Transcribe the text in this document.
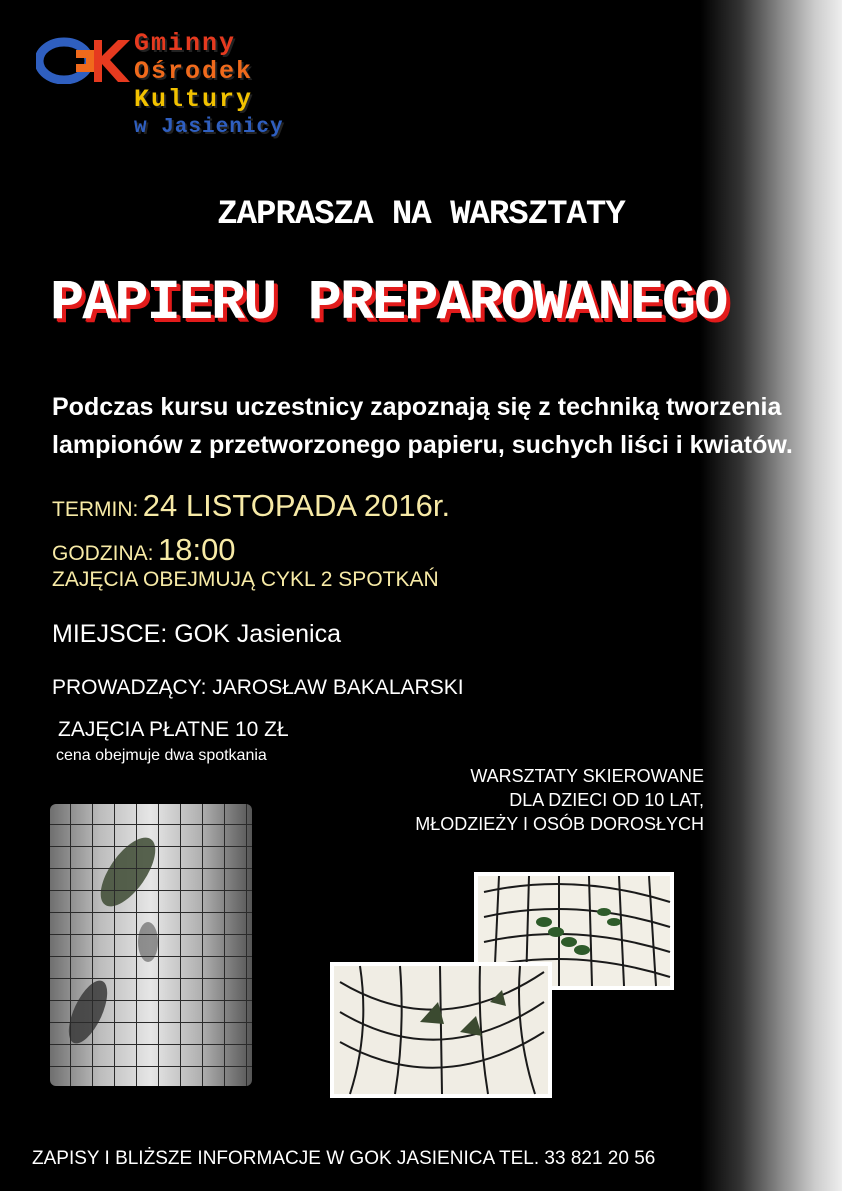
Gminny
Ośrodek
Kultury
w Jasienicy
ZAPRASZA NA WARSZTATY
PAPIERU PREPAROWANEGO
Podczas kursu uczestnicy zapoznają się z techniką tworzenia
lampionów z przetworzonego papieru, suchych liści i kwiatów.
TERMIN: 24 LISTOPADA 2016r.
GODZINA: 18:00
ZAJĘCIA OBEJMUJĄ CYKL 2 SPOTKAŃ
MIEJSCE: GOK Jasienica
PROWADZĄCY: JAROSŁAW BAKALARSKI
ZAJĘCIA PŁATNE 10 ZŁ
cena obejmuje dwa spotkania
WARSZTATY SKIEROWANE
DLA DZIECI OD 10 LAT,
MŁODZIEŻY I OSÓB DOROSŁYCH
ZAPISY I BLIŻSZE INFORMACJE W GOK JASIENICA TEL. 33 821 20 56
